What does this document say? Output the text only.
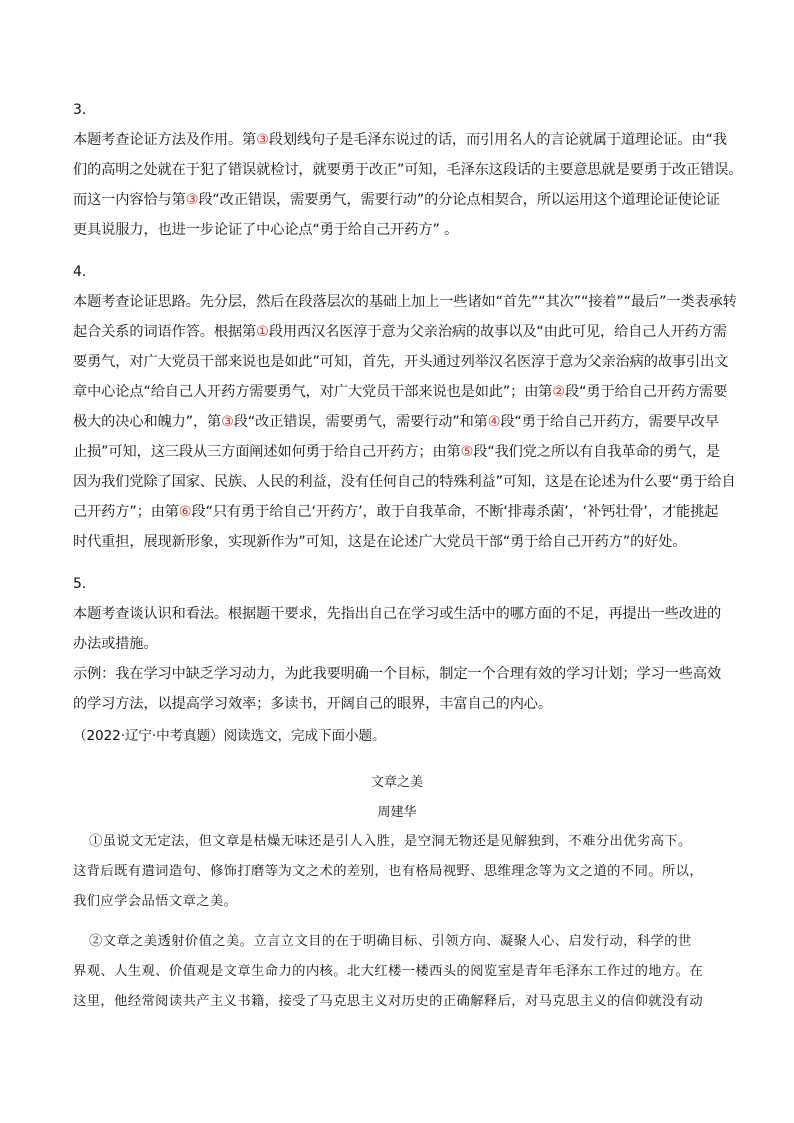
3．
本题考查论证方法及作用。第③段划线句子是毛泽东说过的话，而引用名人的言论就属于道理论证。由“我
们的高明之处就在于犯了错误就检讨，就要勇于改正”可知，毛泽东这段话的主要意思就是要勇于改正错误。
而这一内容恰与第③段“改正错误，需要勇气，需要行动”的分论点相契合，所以运用这个道理论证使论证
更具说服力，也进一步论证了中心论点“勇于给自己开药方” 。
4．
本题考查论证思路。先分层，然后在段落层次的基础上加上一些诸如“首先”“其次”“接着”“最后”一类表承转
起合关系的词语作答。根据第①段用西汉名医淳于意为父亲治病的故事以及“由此可见，给自己人开药方需
要勇气，对广大党员干部来说也是如此”可知，首先，开头通过列举汉名医淳于意为父亲治病的故事引出文
章中心论点“给自己人开药方需要勇气，对广大党员干部来说也是如此”；由第②段“勇于给自己开药方需要
极大的决心和魄力”，第③段“改正错误，需要勇气，需要行动”和第④段“勇于给自己开药方，需要早改早
止损”可知，这三段从三方面阐述如何勇于给自己开药方；由第⑤段“我们党之所以有自我革命的勇气，是
因为我们党除了国家、民族、人民的利益，没有任何自己的特殊利益”可知，这是在论述为什么要“勇于给自
己开药方”；由第⑥段“只有勇于给自己‘开药方’，敢于自我革命，不断‘排毒杀菌’，‘补钙壮骨’，才能挑起
时代重担，展现新形象，实现新作为”可知，这是在论述广大党员干部“勇于给自己开药方”的好处。
5．
本题考查谈认识和看法。根据题干要求，先指出自己在学习或生活中的哪方面的不足，再提出一些改进的
办法或措施。
示例：我在学习中缺乏学习动力，为此我要明确一个目标，制定一个合理有效的学习计划；学习一些高效
的学习方法，以提高学习效率；多读书，开阔自己的眼界，丰富自己的内心。
（2022·辽宁·中考真题）阅读选文，完成下面小题。
文章之美
周建华
①虽说文无定法，但文章是枯燥无味还是引人入胜，是空洞无物还是见解独到，不难分出优劣高下。
这背后既有遣词造句、修饰打磨等为文之术的差别，也有格局视野、思维理念等为文之道的不同。所以，
我们应学会品悟文章之美。
②文章之美透射价值之美。立言立文目的在于明确目标、引领方向、凝聚人心、启发行动，科学的世
界观、人生观、价值观是文章生命力的内核。北大红楼一楼西头的阅览室是青年毛泽东工作过的地方。在
这里，他经常阅读共产主义书籍，接受了马克思主义对历史的正确解释后，对马克思主义的信仰就没有动
